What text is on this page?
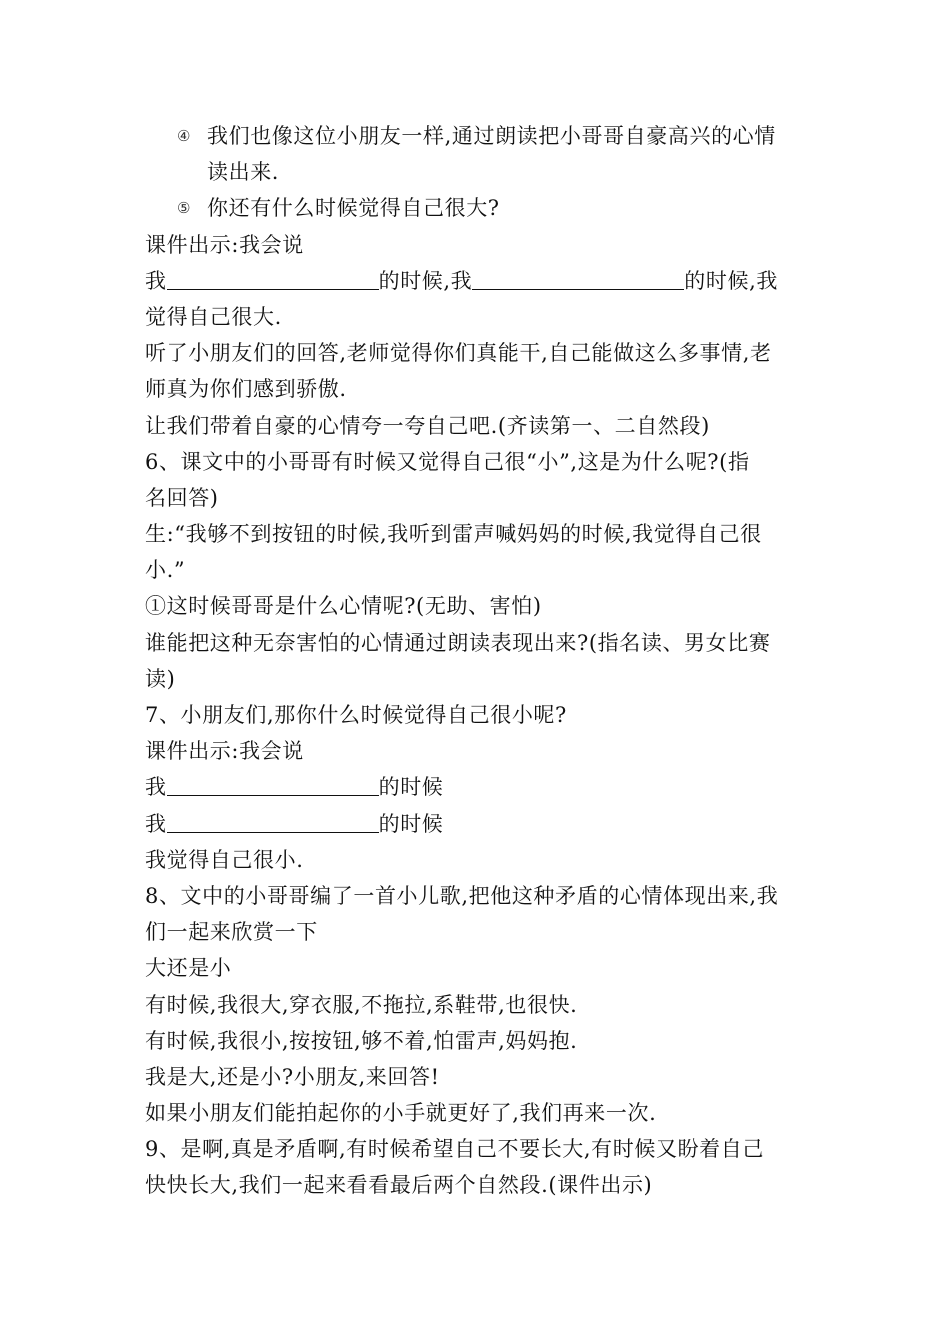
④ 我们也像这位小朋友一样,通过朗读把小哥哥自豪高兴的心情
读出来.
⑤ 你还有什么时候觉得自己很大?
课件出示:我会说
我	的时候,我	的时候,我
觉得自己很大.
听了小朋友们的回答,老师觉得你们真能干,自己能做这么多事情,老
师真为你们感到骄傲.
让我们带着自豪的心情夸一夸自己吧.(齐读第一、二自然段)
6、课文中的小哥哥有时候又觉得自己很“小”,这是为什么呢?(指
名回答)
生:“我够不到按钮的时候,我听到雷声喊妈妈的时候,我觉得自己很
小.”
①这时候哥哥是什么心情呢?(无助、害怕)
谁能把这种无奈害怕的心情通过朗读表现出来?(指名读、男女比赛
读)
7、小朋友们,那你什么时候觉得自己很小呢?
课件出示:我会说
我	的时候
我	的时候
我觉得自己很小.
8、文中的小哥哥编了一首小儿歌,把他这种矛盾的心情体现出来,我
们一起来欣赏一下
大还是小
有时候,我很大,穿衣服,不拖拉,系鞋带,也很快.
有时候,我很小,按按钮,够不着,怕雷声,妈妈抱.
我是大,还是小?小朋友,来回答!
如果小朋友们能拍起你的小手就更好了,我们再来一次.
9、是啊,真是矛盾啊,有时候希望自己不要长大,有时候又盼着自己
快快长大,我们一起来看看最后两个自然段.(课件出示)
